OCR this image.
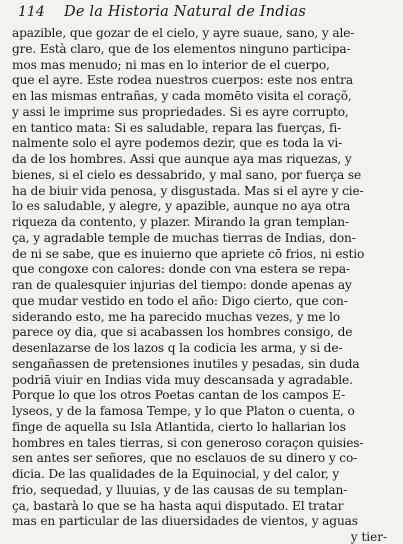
114 De la Historia Natural de Indias
apazible, que gozar de el cielo, y ayre suaue, sano, y ale-
gre. Està claro, que de los elementos ninguno participa-
mos mas menudo; ni mas en lo interior de el cuerpo,
que el ayre. Este rodea nuestros cuerpos: este nos entra
en las mismas entrañas, y cada momēto visita el coraçõ,
y assi le imprime sus propriedades. Si es ayre corrupto,
en tantico mata: Si es saludable, repara las fuerças, fi-
nalmente solo el ayre podemos dezir, que es toda la vi-
da de los hombres. Assi que aunque aya mas riquezas, y
bienes, si el cielo es dessabrido, y mal sano, por fuerça se
ha de biuir vida penosa, y disgustada. Mas si el ayre y cie-
lo es saludable, y alegre, y apazible, aunque no aya otra
riqueza da contento, y plazer. Mirando la gran templan-
ça, y agradable temple de muchas tierras de Indias, don-
de ni se sabe, que es inuierno que apriete cō frios, ni estio
que congoxe con calores: donde con vna estera se repa-
ran de qualesquier injurias del tiempo: donde apenas ay
que mudar vestido en todo el año: Digo cierto, que con-
siderando esto, me ha parecido muchas vezes, y me lo
parece oy dia, que si acabassen los hombres consigo, de
desenlazarse de los lazos q la codicia les arma, y si de-
sengañassen de pretensiones inutiles y pesadas, sin duda
podriā viuir en Indias vida muy descansada y agradable.
Porque lo que los otros Poetas cantan de los campos E-
lyseos, y de la famosa Tempe, y lo que Platon o cuenta, o
finge de aquella su Isla Atlantida, cierto lo hallarian los
hombres en tales tierras, si con generoso coraçon quisies-
sen antes ser señores, que no esclauos de su dinero y co-
dicia. De las qualidades de la Equinocial, y del calor, y
frio, sequedad, y lluuias, y de las causas de su templan-
ça, bastarà lo que se ha hasta aqui disputado. El tratar
mas en particular de las diuersidades de vientos, y aguas
y tier-
